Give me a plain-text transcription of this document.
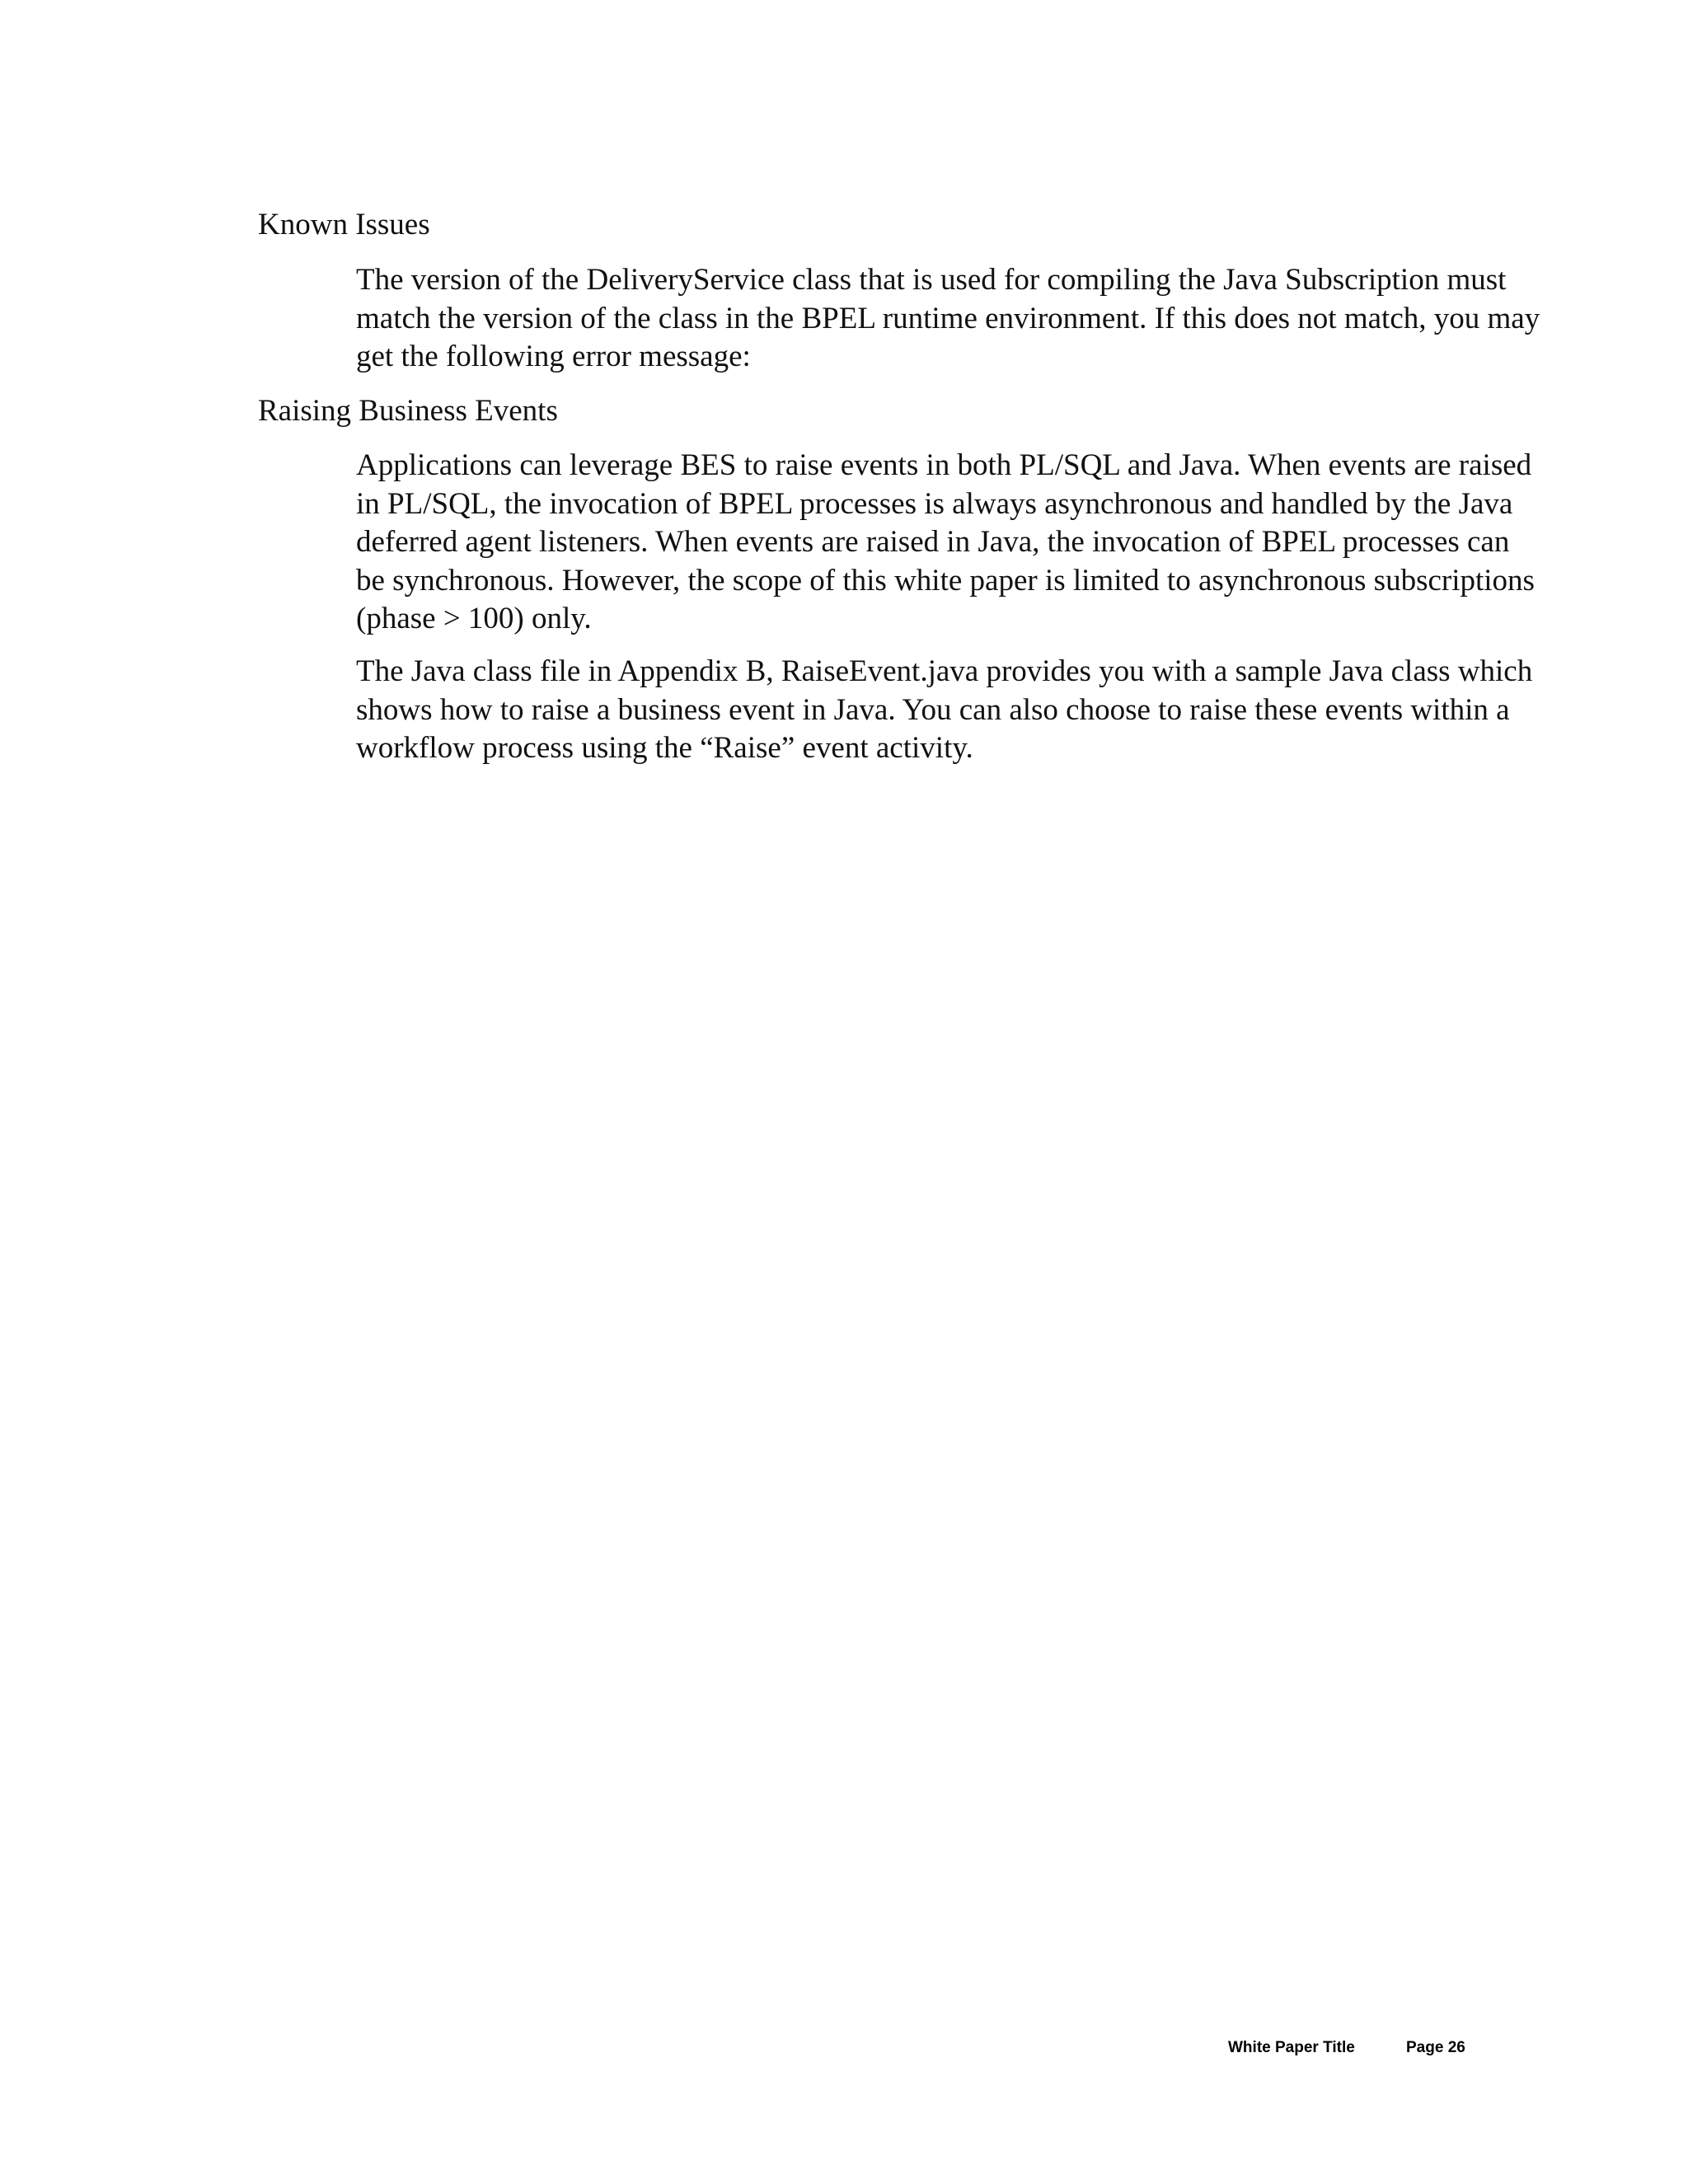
Known Issues

The version of the DeliveryService class that is used for compiling the Java Subscription must match the version of the class in the BPEL runtime environment. If this does not match, you may get the following error message:

Raising Business Events

Applications can leverage BES to raise events in both PL/SQL and Java. When events are raised in PL/SQL, the invocation of BPEL processes is always asynchronous and handled by the Java deferred agent listeners. When events are raised in Java, the invocation of BPEL processes can be synchronous. However, the scope of this white paper is limited to asynchronous subscriptions (phase > 100) only.

The Java class file in Appendix B, RaiseEvent.java provides you with a sample Java class which shows how to raise a business event in Java. You can also choose to raise these events within a workflow process using the “Raise” event activity.

White Paper Title	Page 26
